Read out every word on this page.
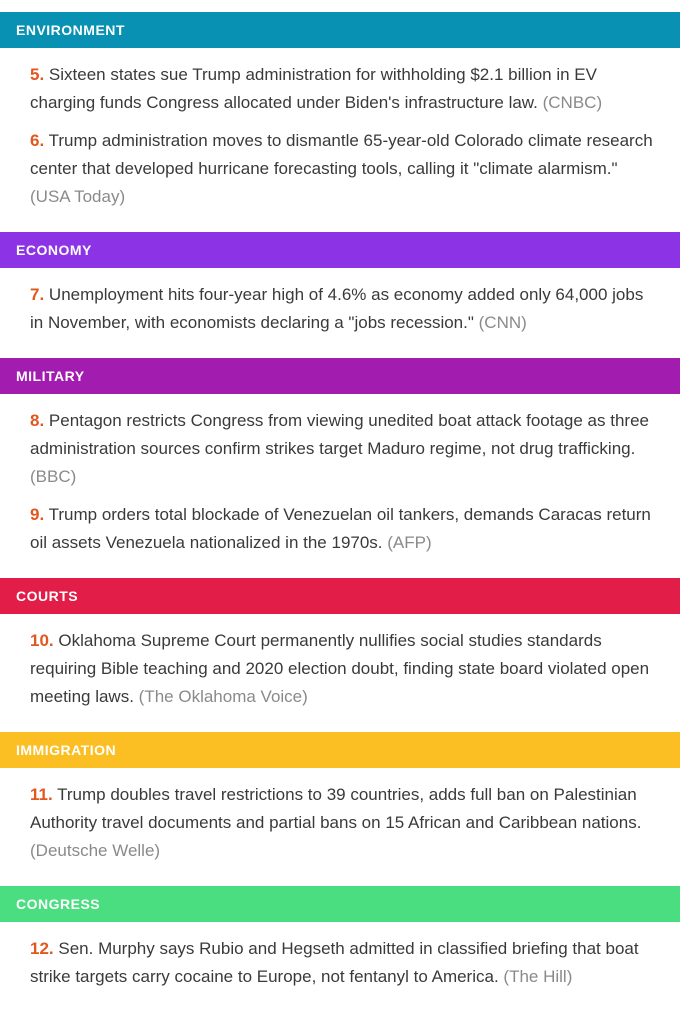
ENVIRONMENT

5. Sixteen states sue Trump administration for withholding $2.1 billion in EV charging funds Congress allocated under Biden's infrastructure law. (CNBC)

6. Trump administration moves to dismantle 65-year-old Colorado climate research center that developed hurricane forecasting tools, calling it "climate alarmism." (USA Today)

ECONOMY

7. Unemployment hits four-year high of 4.6% as economy added only 64,000 jobs in November, with economists declaring a "jobs recession." (CNN)

MILITARY

8. Pentagon restricts Congress from viewing unedited boat attack footage as three administration sources confirm strikes target Maduro regime, not drug trafficking. (BBC)

9. Trump orders total blockade of Venezuelan oil tankers, demands Caracas return oil assets Venezuela nationalized in the 1970s. (AFP)

COURTS

10. Oklahoma Supreme Court permanently nullifies social studies standards requiring Bible teaching and 2020 election doubt, finding state board violated open meeting laws. (The Oklahoma Voice)

IMMIGRATION

11. Trump doubles travel restrictions to 39 countries, adds full ban on Palestinian Authority travel documents and partial bans on 15 African and Caribbean nations. (Deutsche Welle)

CONGRESS

12. Sen. Murphy says Rubio and Hegseth admitted in classified briefing that boat strike targets carry cocaine to Europe, not fentanyl to America. (The Hill)
